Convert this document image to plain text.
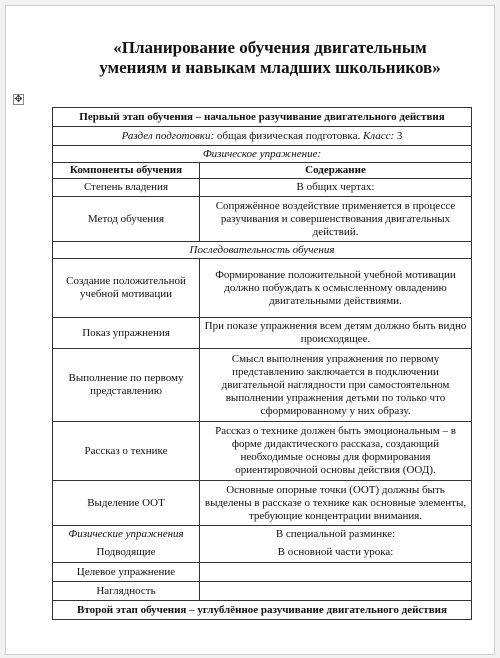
«Планирование обучения двигательным
умениям и навыкам младших школьников»
✥
Первый этап обучения – начальное разучивание двигательного действия	
Раздел подготовки: общая физическая подготовка. Класс: 3	
Физическое упражнение:	
Компоненты обучения	Содержание
Степень владения	В общих чертах:
Метод обучения	Сопряжённое воздействие применяется в процессе разучивания и совершенствования двигательных действий.
Последовательность обучения	
Создание положительной учебной мотивации	Формирование положительной учебной мотивации должно побуждать к осмысленному овладению двигательными действиями.
Показ упражнения	При показе упражнения всем детям должно быть видно происходящее.
Выполнение по первому представлению	Смысл выполнения упражнения по первому представлению заключается в подключении двигательной наглядности при самостоятельном выполнении упражнения детьми по только что сформированному у них образу.
Рассказ о технике	Рассказ о технике должен быть эмоциональным – в форме дидактического рассказа, создающий необходимые основы для формирования ориентировочной основы действия (ООД).
Выделение ООТ	Основные опорные точки (ООТ) должны быть выделены в рассказе о технике как основные элементы, требующие концентрации внимания.
Физические упражнения	В специальной разминке:
Подводящие	В основной части урока:
Целевое упражнение	
Наглядность	
Второй этап обучения – углублённое разучивание двигательного действия	
